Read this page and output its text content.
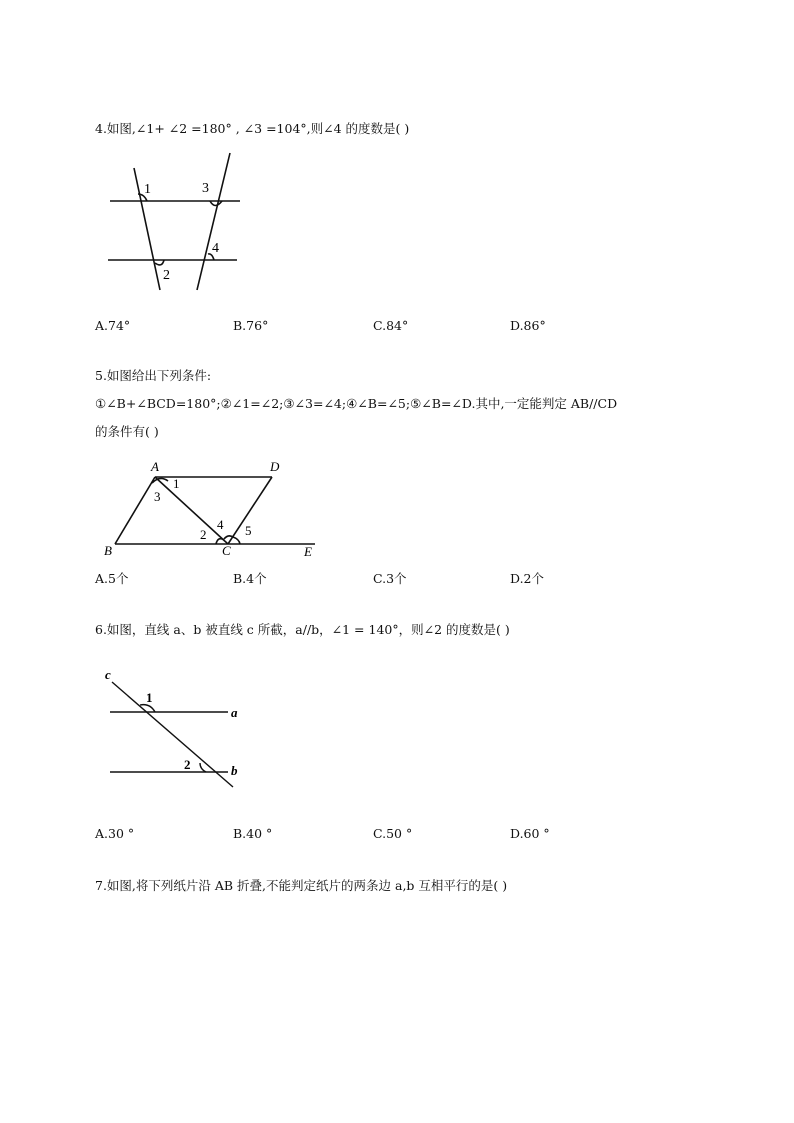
4.如图,∠1+ ∠2 =180° , ∠3 =104°,则∠4 的度数是( )
1	3
4
2
A.74°	B.76°	C.84°	D.86°
5.如图给出下列条件:
①∠B+∠BCD=180°;②∠1=∠2;③∠3=∠4;④∠B=∠5;⑤∠B=∠D.其中,一定能判定 AB//CD
的条件有( )
A	D
1
3
2
4 5
B	C	E
A.5个	B.4个	C.3个	D.2个
6.如图，直线 a、b 被直线 c 所截，a//b，∠1 = 140°，则∠2 的度数是( )
c
1
a
2	b
A.30 °	B.40 °	C.50 °	D.60 °
7.如图,将下列纸片沿 AB 折叠,不能判定纸片的两条边 a,b 互相平行的是( )
